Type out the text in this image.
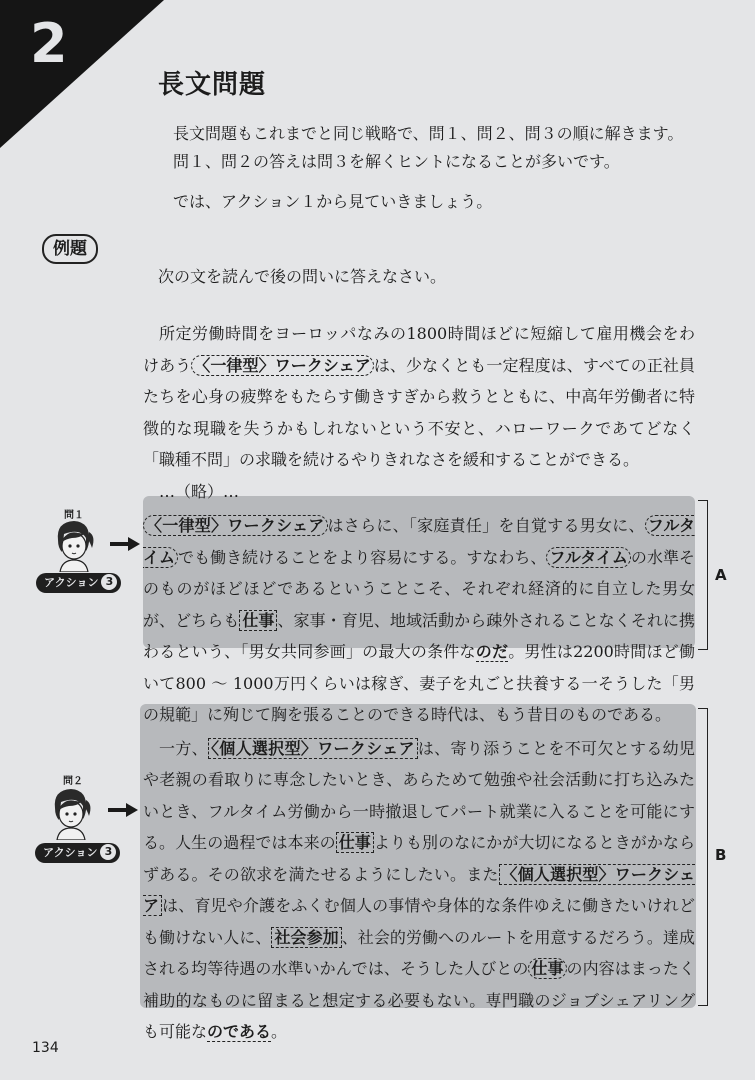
2
長文問題

長文問題もこれまでと同じ戦略で、問１、問２、問３の順に解きます。

問１、問２の答えは問３を解くヒントになることが多いです。

では、アクション１から見ていきましょう。

例題
次の文を読んで後の問いに答えなさい。

所定労働時間をヨーロッパなみの1800時間ほどに短縮して雇用機会をわけあう 〈一律型〉ワークシェア は、少なくとも一定程度は、すべての正社員たちを心身の疲弊をもたらす働きすぎから救うとともに、中高年労働者に特徴的な現職を失うかもしれないという不安と、ハローワークであてどなく「職種不問」の求職を続けるやりきれなさを緩和することができる。

…（略）…

〈一律型〉ワークシェア はさらに、「家庭責任」を自覚する男女に、 フルタイム でも働き続けることをより容易にする。すなわち、 フルタイム の水準そのものがほどほどであるということこそ、それぞれ経済的に自立した男女が、どちらも 仕事 、家事・育児、地域活動から疎外されることなくそれに携わるという、「男女共同参画」の最大の条件なのだ。男性は2200時間ほど働いて800 ～ 1000万円くらいは稼ぎ、妻子を丸ごと扶養する一そうした「男の規範」に殉じて胸を張ることのできる時代は、もう昔日のものである。

一方、 〈個人選択型〉ワークシェア は、寄り添うことを不可欠とする幼児や老親の看取りに専念したいとき、あらためて勉強や社会活動に打ち込みたいとき、フルタイム労働から一時撤退してパート就業に入ることを可能にする。人生の過程では本来の 仕事 よりも別のなにかが大切になるときがかならずある。その欲求を満たせるようにしたい。また 〈個人選択型〉ワークシェア は、育児や介護をふくむ個人の事情や身体的な条件ゆえに働きたいけれども働けない人に、 社会参加 、社会的労働へのルートを用意するだろう。達成される均等待遇の水準いかんでは、そうした人びとの 仕事 の内容はまったく補助的なものに留まると想定する必要もない。専門職のジョブシェアリングも可能なのである。

A
B
問１
アクション 3
問２
アクション 3
134
